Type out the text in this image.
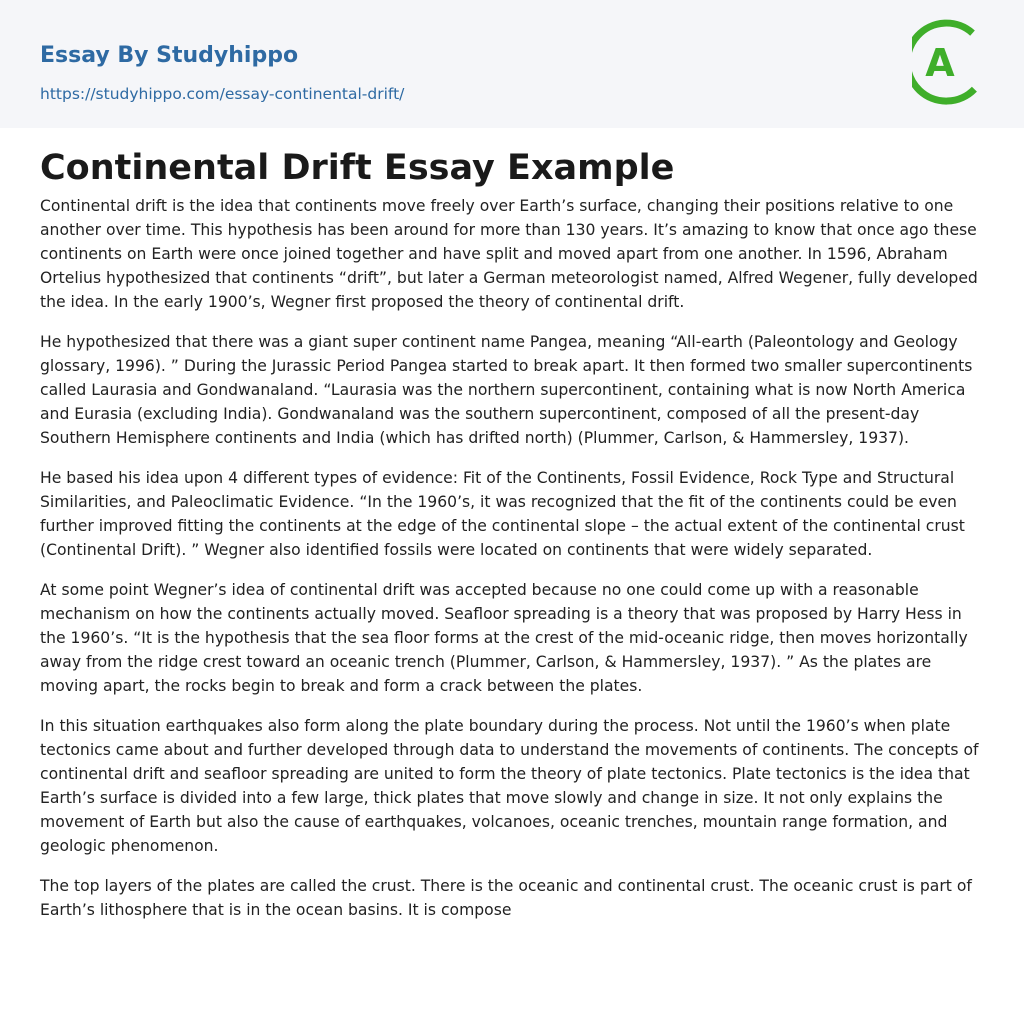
Essay By Studyhippo
https://studyhippo.com/essay-continental-drift/
A
Continental Drift Essay Example

Continental drift is the idea that continents move freely over Earth’s surface, changing their positions relative to one another over time. This hypothesis has been around for more than 130 years. It’s amazing to know that once ago these continents on Earth were once joined together and have split and moved apart from one another. In 1596, Abraham Ortelius hypothesized that continents “drift”, but later a German meteorologist named, Alfred Wegener, fully developed the idea. In the early 1900’s, Wegner first proposed the theory of continental drift.

He hypothesized that there was a giant super continent name Pangea, meaning “All-earth (Paleontology and Geology glossary, 1996). ” During the Jurassic Period Pangea started to break apart. It then formed two smaller supercontinents called Laurasia and Gondwanaland. “Laurasia was the northern supercontinent, containing what is now North America and Eurasia (excluding India). Gondwanaland was the southern supercontinent, composed of all the present-day Southern Hemisphere continents and India (which has drifted north) (Plummer, Carlson, & Hammersley, 1937).

He based his idea upon 4 different types of evidence: Fit of the Continents, Fossil Evidence, Rock Type and Structural Similarities, and Paleoclimatic Evidence. “In the 1960’s, it was recognized that the fit of the continents could be even further improved fitting the continents at the edge of the continental slope – the actual extent of the continental crust (Continental Drift). ” Wegner also identified fossils were located on continents that were widely separated.

At some point Wegner’s idea of continental drift was accepted because no one could come up with a reasonable mechanism on how the continents actually moved. Seafloor spreading is a theory that was proposed by Harry Hess in the 1960’s. “It is the hypothesis that the sea floor forms at the crest of the mid-oceanic ridge, then moves horizontally away from the ridge crest toward an oceanic trench (Plummer, Carlson, & Hammersley, 1937). ” As the plates are moving apart, the rocks begin to break and form a crack between the plates.

In this situation earthquakes also form along the plate boundary during the process. Not until the 1960’s when plate tectonics came about and further developed through data to understand the movements of continents. The concepts of continental drift and seafloor spreading are united to form the theory of plate tectonics. Plate tectonics is the idea that Earth’s surface is divided into a few large, thick plates that move slowly and change in size. It not only explains the movement of Earth but also the cause of earthquakes, volcanoes, oceanic trenches, mountain range formation, and geologic phenomenon.

The top layers of the plates are called the crust. There is the oceanic and continental crust. The oceanic crust is part of Earth’s lithosphere that is in the ocean basins. It is compose
